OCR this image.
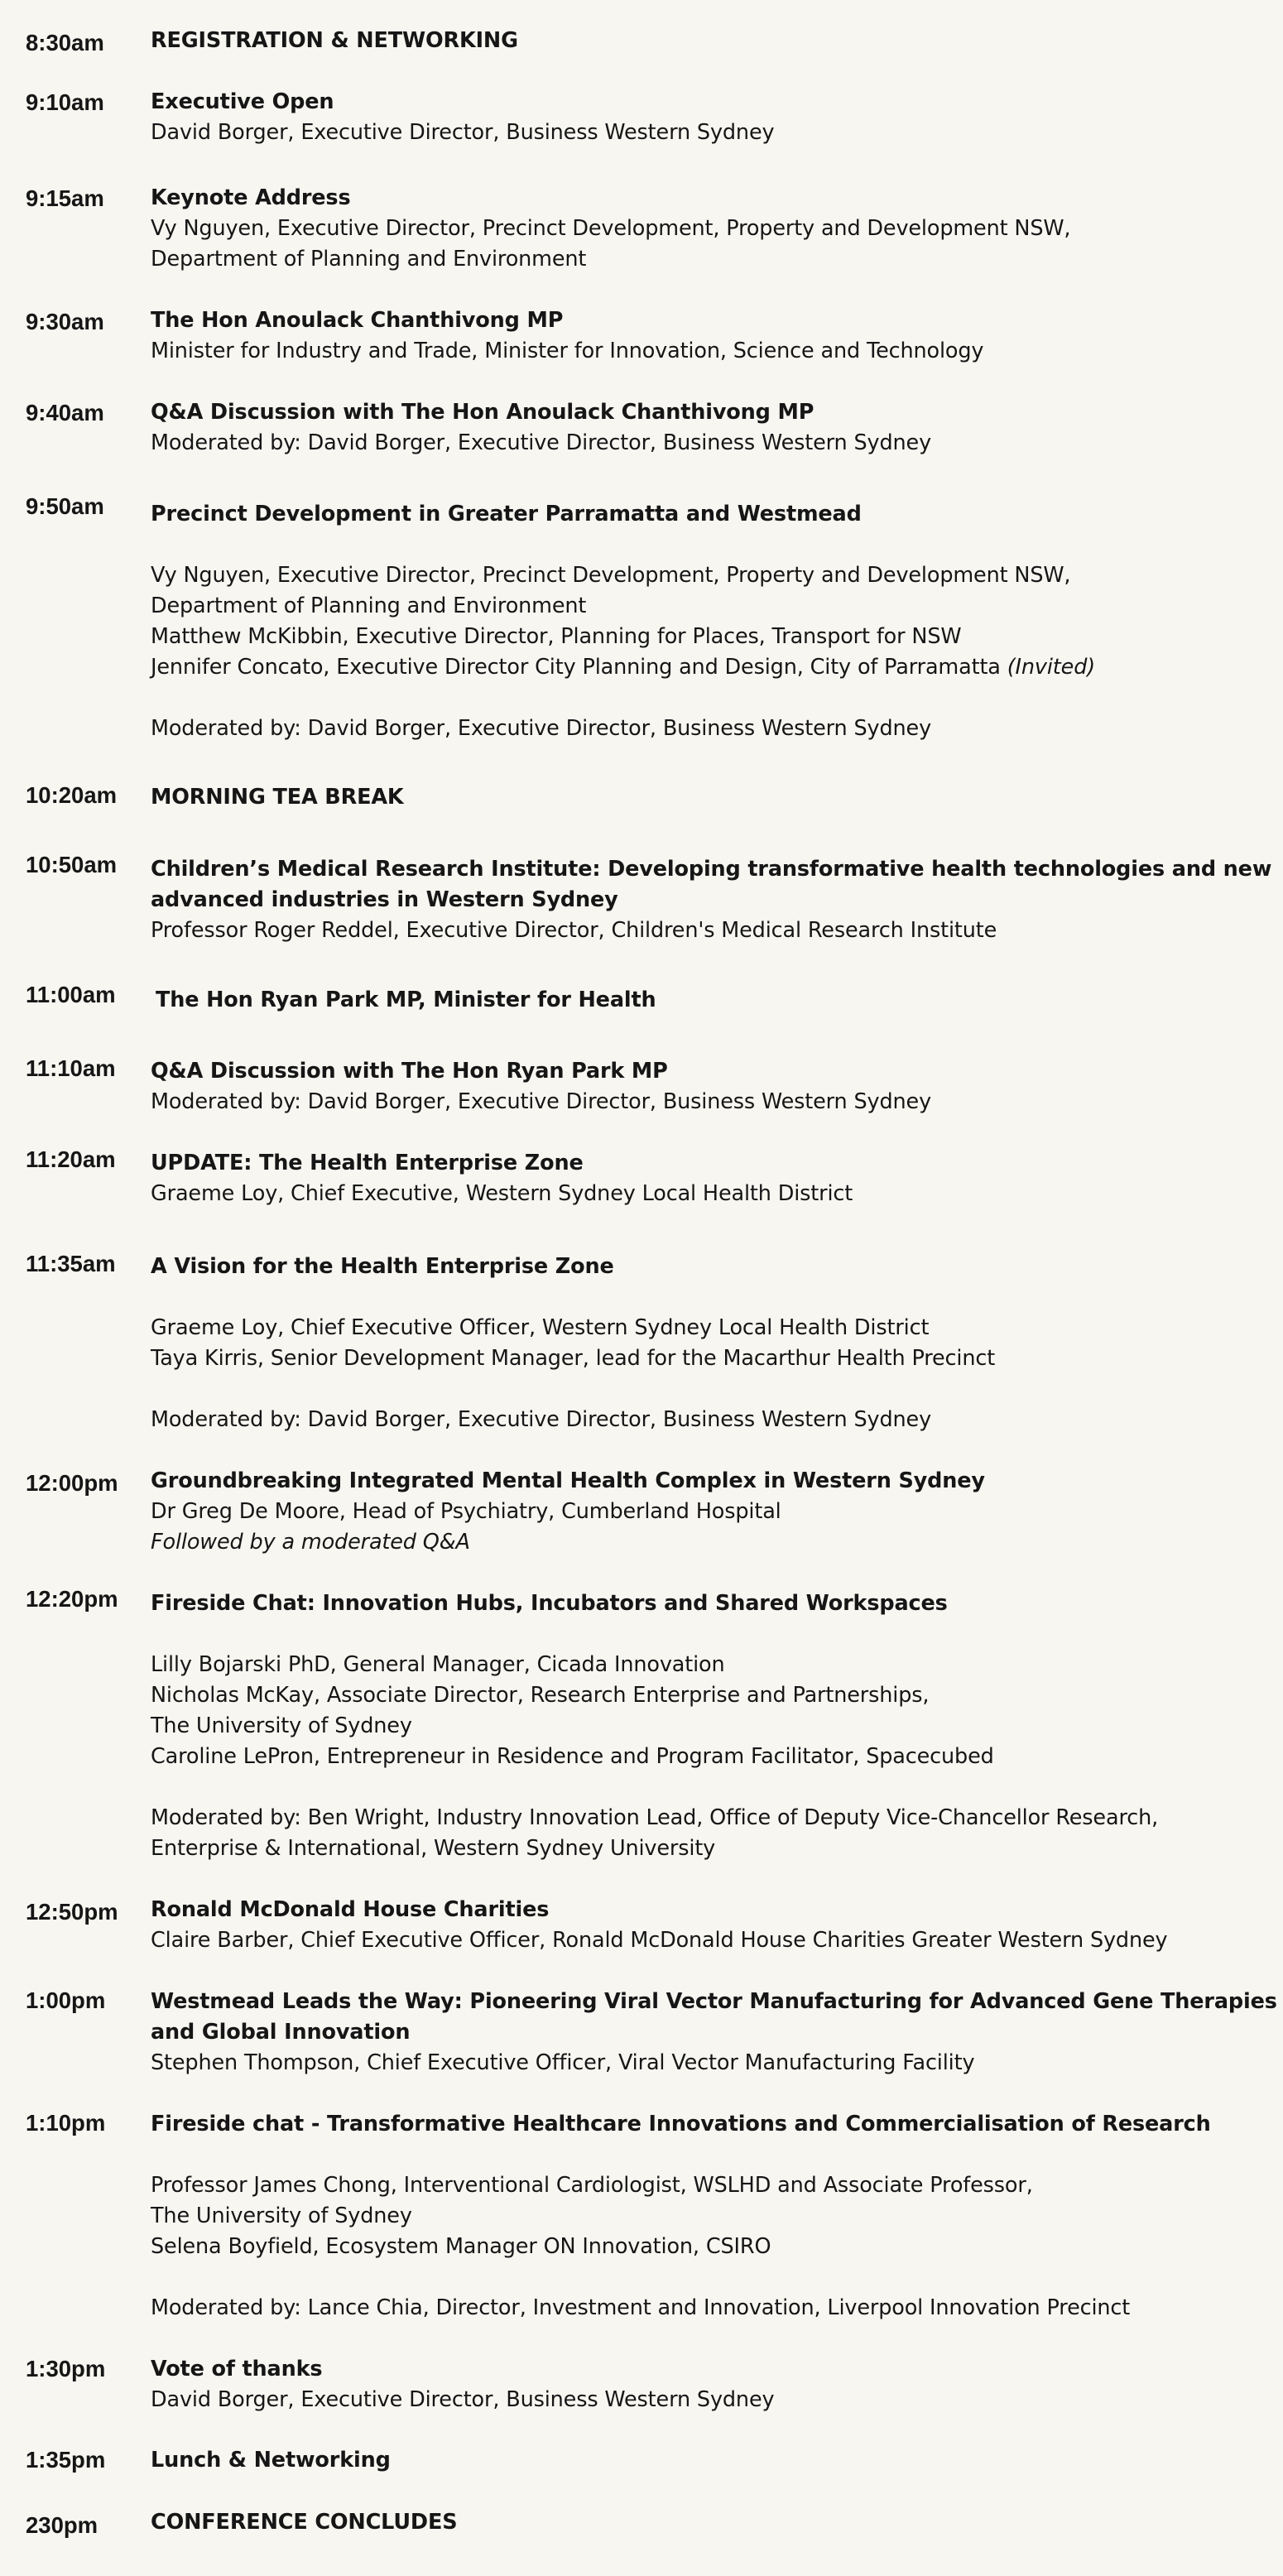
8:30am REGISTRATION & NETWORKING
9:10am Executive Open
David Borger, Executive Director, Business Western Sydney
9:15am Keynote Address
Vy Nguyen, Executive Director, Precinct Development, Property and Development NSW,
Department of Planning and Environment
9:30am The Hon Anoulack Chanthivong MP
Minister for Industry and Trade, Minister for Innovation, Science and Technology
9:40am Q&A Discussion with The Hon Anoulack Chanthivong MP
Moderated by: David Borger, Executive Director, Business Western Sydney
9:50am Precinct Development in Greater Parramatta and Westmead
Vy Nguyen, Executive Director, Precinct Development, Property and Development NSW,
Department of Planning and Environment
Matthew McKibbin, Executive Director, Planning for Places, Transport for NSW
Jennifer Concato, Executive Director City Planning and Design, City of Parramatta (Invited)
Moderated by: David Borger, Executive Director, Business Western Sydney
10:20am MORNING TEA BREAK
10:50am Children’s Medical Research Institute: Developing transformative health technologies and new
advanced industries in Western Sydney
Professor Roger Reddel, Executive Director, Children's Medical Research Institute
11:00am The Hon Ryan Park MP, Minister for Health
11:10am Q&A Discussion with The Hon Ryan Park MP
Moderated by: David Borger, Executive Director, Business Western Sydney
11:20am UPDATE: The Health Enterprise Zone
Graeme Loy, Chief Executive, Western Sydney Local Health District
11:35am A Vision for the Health Enterprise Zone
Graeme Loy, Chief Executive Officer, Western Sydney Local Health District
Taya Kirris, Senior Development Manager, lead for the Macarthur Health Precinct
Moderated by: David Borger, Executive Director, Business Western Sydney
12:00pm Groundbreaking Integrated Mental Health Complex in Western Sydney
Dr Greg De Moore, Head of Psychiatry, Cumberland Hospital
Followed by a moderated Q&A
12:20pm Fireside Chat: Innovation Hubs, Incubators and Shared Workspaces
Lilly Bojarski PhD, General Manager, Cicada Innovation
Nicholas McKay, Associate Director, Research Enterprise and Partnerships,
The University of Sydney
Caroline LePron, Entrepreneur in Residence and Program Facilitator, Spacecubed
Moderated by: Ben Wright, Industry Innovation Lead, Office of Deputy Vice-Chancellor Research,
Enterprise & International, Western Sydney University
12:50pm Ronald McDonald House Charities
Claire Barber, Chief Executive Officer, Ronald McDonald House Charities Greater Western Sydney
1:00pm Westmead Leads the Way: Pioneering Viral Vector Manufacturing for Advanced Gene Therapies
and Global Innovation
Stephen Thompson, Chief Executive Officer, Viral Vector Manufacturing Facility
1:10pm Fireside chat - Transformative Healthcare Innovations and Commercialisation of Research
Professor James Chong, Interventional Cardiologist, WSLHD and Associate Professor,
The University of Sydney
Selena Boyfield, Ecosystem Manager ON Innovation, CSIRO
Moderated by: Lance Chia, Director, Investment and Innovation, Liverpool Innovation Precinct
1:30pm Vote of thanks
David Borger, Executive Director, Business Western Sydney
1:35pm Lunch & Networking
230pm	CONFERENCE CONCLUDES
